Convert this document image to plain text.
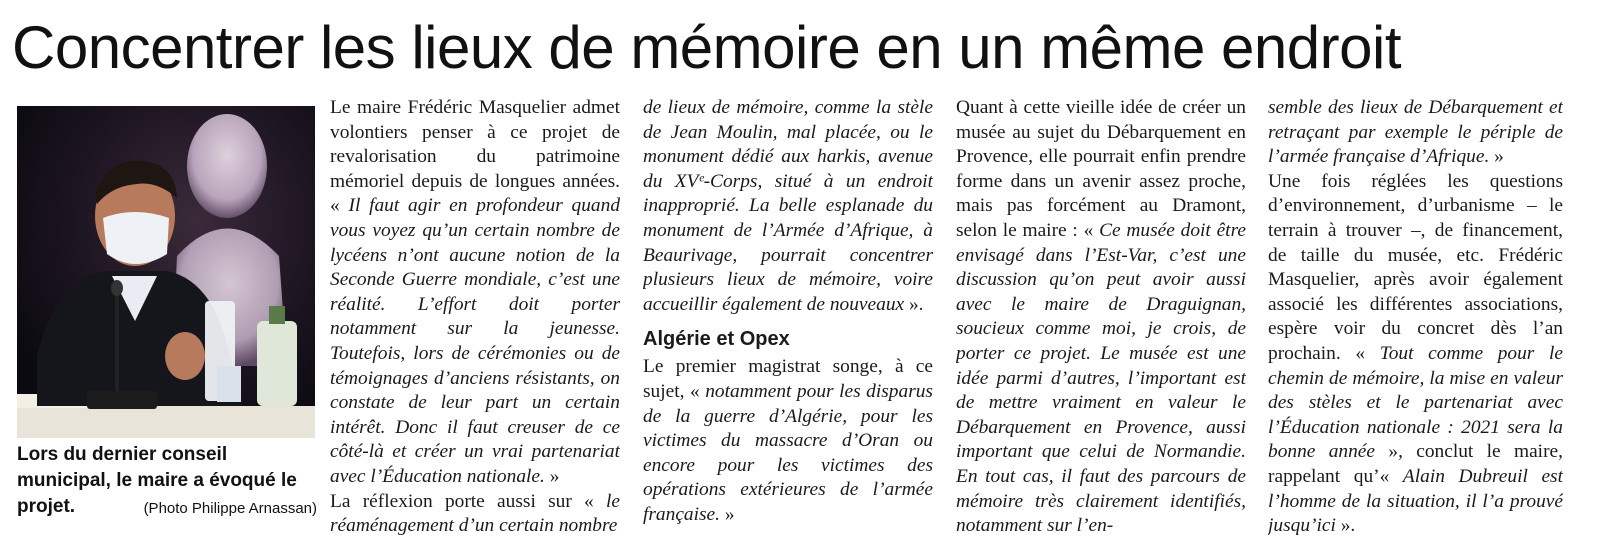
Concentrer les lieux de mémoire en un même endroit
Lors du dernier conseil municipal, le maire a évoqué le projet.	(Photo Philippe Arnassan)

Le maire Frédéric Masquelier admet volontiers penser à ce projet de revalorisation du patrimoine mémoriel depuis de longues années. « Il faut agir en profondeur quand vous voyez qu’un certain nombre de lycéens n’ont aucune notion de la Seconde Guerre mondiale, c’est une réalité. L’effort doit porter notamment sur la jeunesse. Toutefois, lors de cérémonies ou de témoignages d’anciens résistants, on constate de leur part un certain intérêt. Donc il faut creuser de ce côté-là et créer un vrai partenariat avec l’Éducation nationale. »

La réflexion porte aussi sur « le réaménagement d’un certain nombre

de lieux de mémoire, comme la stèle de Jean Moulin, mal placée, ou le monument dédié aux harkis, avenue du XVᵉ-Corps, situé à un endroit inapproprié. La belle esplanade du monument de l’Armée d’Afrique, à Beaurivage, pourrait concentrer plusieurs lieux de mémoire, voire accueillir également de nouveaux ».

Algérie et Opex

Le premier magistrat songe, à ce sujet, « notamment pour les disparus de la guerre d’Algérie, pour les victimes du massacre d’Oran ou encore pour les victimes des opérations extérieures de l’armée française. »

Quant à cette vieille idée de créer un musée au sujet du Débarquement en Provence, elle pourrait enfin prendre forme dans un avenir assez proche, mais pas forcément au Dramont, selon le maire : « Ce musée doit être envisagé dans l’Est-Var, c’est une discussion qu’on peut avoir aussi avec le maire de Draguignan, soucieux comme moi, je crois, de porter ce projet. Le musée est une idée parmi d’autres, l’important est de mettre vraiment en valeur le Débarquement en Provence, aussi important que celui de Normandie. En tout cas, il faut des parcours de mémoire très clairement identifiés, notamment sur l’en-

semble des lieux de Débarquement et retraçant par exemple le périple de l’armée française d’Afrique. »

Une fois réglées les questions d’environnement, d’urbanisme – le terrain à trouver –, de financement, de taille du musée, etc. Frédéric Masquelier, après avoir également associé les différentes associations, espère voir du concret dès l’an prochain. « Tout comme pour le chemin de mémoire, la mise en valeur des stèles et le partenariat avec l’Éducation nationale : 2021 sera la bonne année », conclut le maire, rappelant qu’« Alain Dubreuil est l’homme de la situation, il l’a prouvé jusqu’ici ».
